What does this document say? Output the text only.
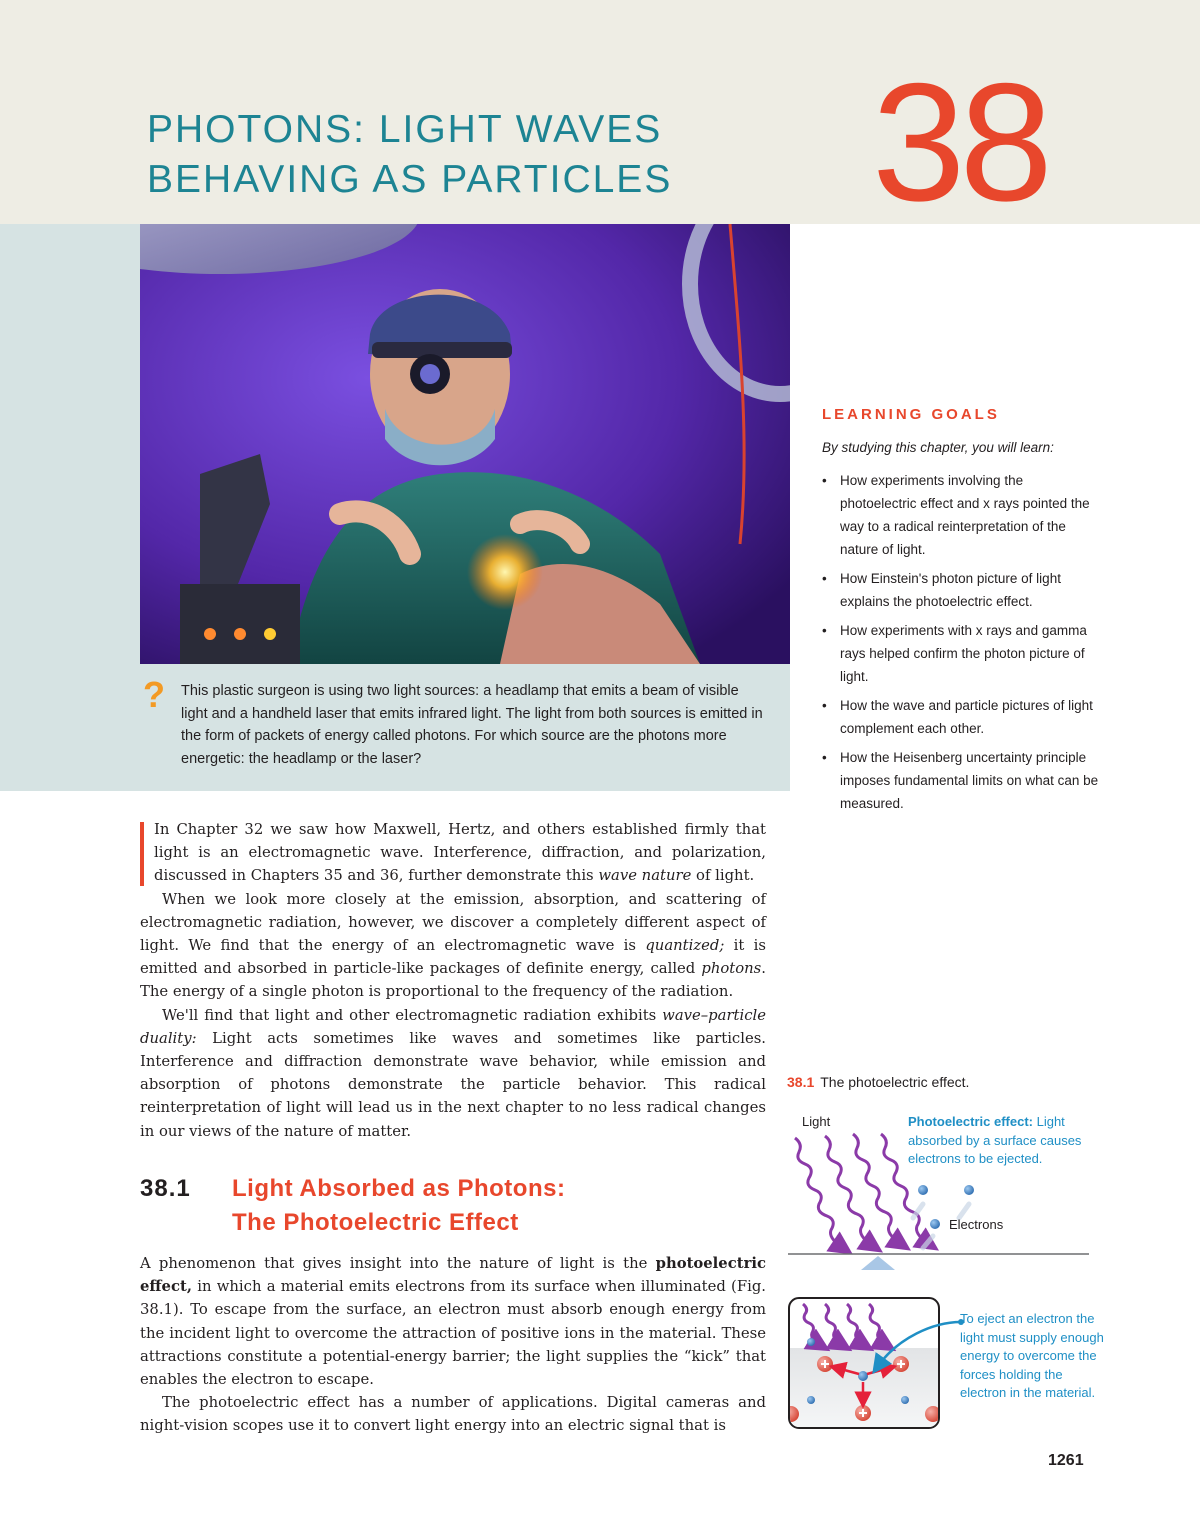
PHOTONS: LIGHT WAVES
BEHAVING AS PARTICLES 38
? This plastic surgeon is using two light sources: a headlamp that emits a beam of visible light and a handheld laser that emits infrared light. The light from both sources is emitted in the form of packets of energy called photons. For which source are the photons more energetic: the headlamp or the laser?
LEARNING GOALS
By studying this chapter, you will learn:
• How experiments involving the photoelectric effect and x rays pointed the way to a radical reinterpretation of the nature of light.
• How Einstein's photon picture of light explains the photoelectric effect.
• How experiments with x rays and gamma rays helped confirm the photon picture of light.
• How the wave and particle pictures of light complement each other.
• How the Heisenberg uncertainty principle imposes fundamental limits on what can be measured.

In Chapter 32 we saw how Maxwell, Hertz, and others established firmly that light is an electromagnetic wave. Interference, diffraction, and polarization, discussed in Chapters 35 and 36, further demonstrate this wave nature of light.

When we look more closely at the emission, absorption, and scattering of electromagnetic radiation, however, we discover a completely different aspect of light. We find that the energy of an electromagnetic wave is quantized; it is emitted and absorbed in particle-like packages of definite energy, called photons. The energy of a single photon is proportional to the frequency of the radiation.

We'll find that light and other electromagnetic radiation exhibits wave–particle duality: Light acts sometimes like waves and sometimes like particles. Interference and diffraction demonstrate wave behavior, while emission and absorption of photons demonstrate the particle behavior. This radical reinterpretation of light will lead us in the next chapter to no less radical changes in our views of the nature of matter.

38.1	Light Absorbed as Photons:
The Photoelectric Effect

A phenomenon that gives insight into the nature of light is the photoelectric effect, in which a material emits electrons from its surface when illuminated (Fig. 38.1). To escape from the surface, an electron must absorb enough energy from the incident light to overcome the attraction of positive ions in the material. These attractions constitute a potential-energy barrier; the light supplies the “kick” that enables the electron to escape.

The photoelectric effect has a number of applications. Digital cameras and night-vision scopes use it to convert light energy into an electric signal that is

38.1 The photoelectric effect.
Light	Photoelectric effect: Light absorbed by a surface causes electrons to be ejected.
Electrons
To eject an electron the light must supply enough energy to overcome the forces holding the electron in the material.
1261
